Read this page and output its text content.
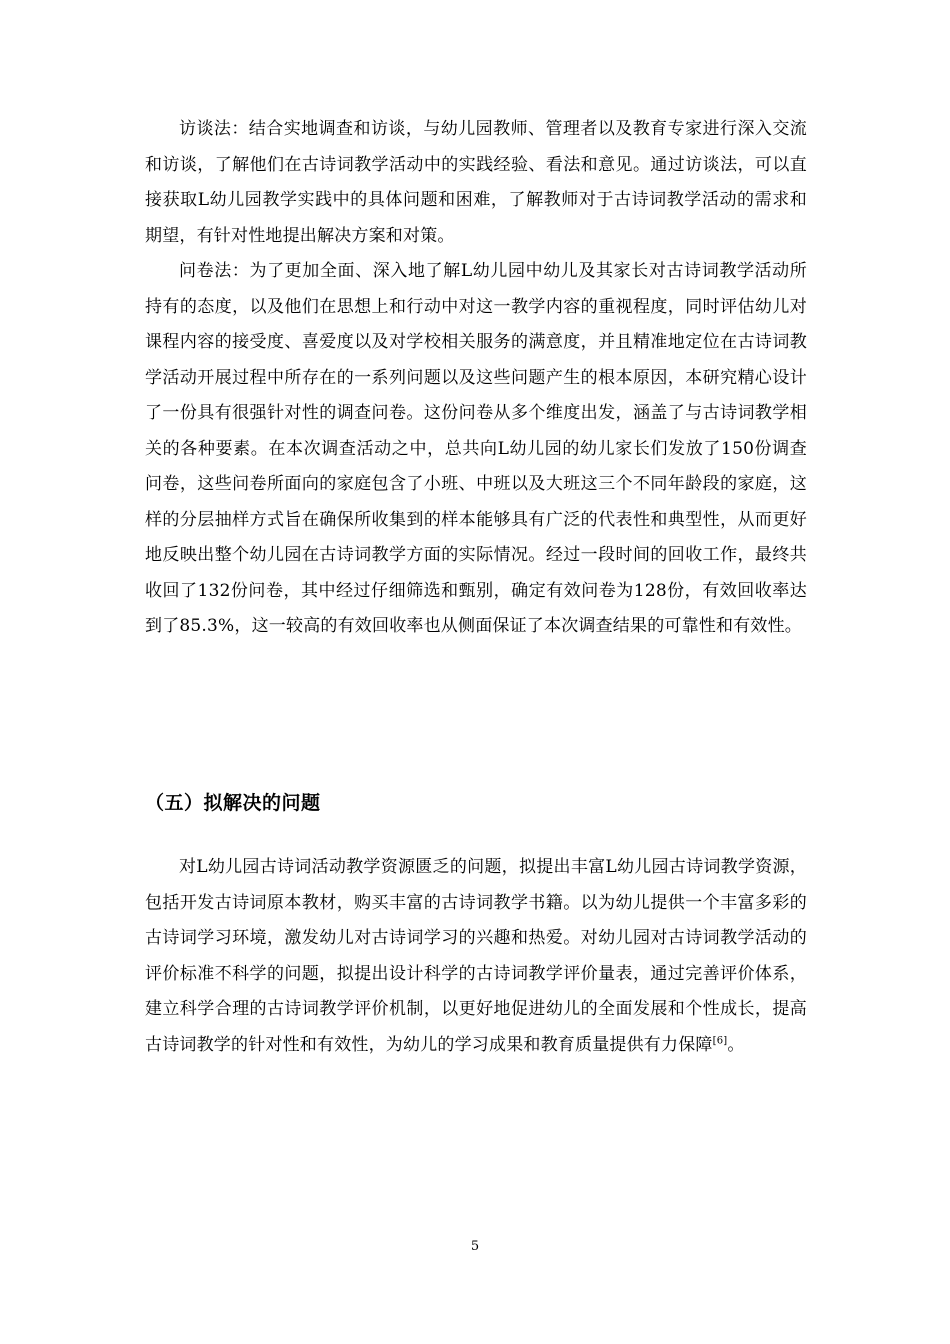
访谈法：结合实地调查和访谈，与幼儿园教师、管理者以及教育专家进行深入交流和访谈，了解他们在古诗词教学活动中的实践经验、看法和意见。通过访谈法，可以直接获取L幼儿园教学实践中的具体问题和困难，了解教师对于古诗词教学活动的需求和期望，有针对性地提出解决方案和对策。

问卷法：为了更加全面、深入地了解L幼儿园中幼儿及其家长对古诗词教学活动所持有的态度，以及他们在思想上和行动中对这一教学内容的重视程度，同时评估幼儿对课程内容的接受度、喜爱度以及对学校相关服务的满意度，并且精准地定位在古诗词教学活动开展过程中所存在的一系列问题以及这些问题产生的根本原因，本研究精心设计了一份具有很强针对性的调查问卷。这份问卷从多个维度出发，涵盖了与古诗词教学相关的各种要素。在本次调查活动之中，总共向L幼儿园的幼儿家长们发放了150份调查问卷，这些问卷所面向的家庭包含了小班、中班以及大班这三个不同年龄段的家庭，这样的分层抽样方式旨在确保所收集到的样本能够具有广泛的代表性和典型性，从而更好地反映出整个幼儿园在古诗词教学方面的实际情况。经过一段时间的回收工作，最终共收回了132份问卷，其中经过仔细筛选和甄别，确定有效问卷为128份，有效回收率达到了85.3%，这一较高的有效回收率也从侧面保证了本次调查结果的可靠性和有效性。

（五）拟解决的问题

对L幼儿园古诗词活动教学资源匮乏的问题，拟提出丰富L幼儿园古诗词教学资源，包括开发古诗词原本教材，购买丰富的古诗词教学书籍。以为幼儿提供一个丰富多彩的古诗词学习环境，激发幼儿对古诗词学习的兴趣和热爱。对幼儿园对古诗词教学活动的评价标准不科学的问题，拟提出设计科学的古诗词教学评价量表，通过完善评价体系，建立科学合理的古诗词教学评价机制，以更好地促进幼儿的全面发展和个性成长，提高古诗词教学的针对性和有效性，为幼儿的学习成果和教育质量提供有力保障[6]。

5
